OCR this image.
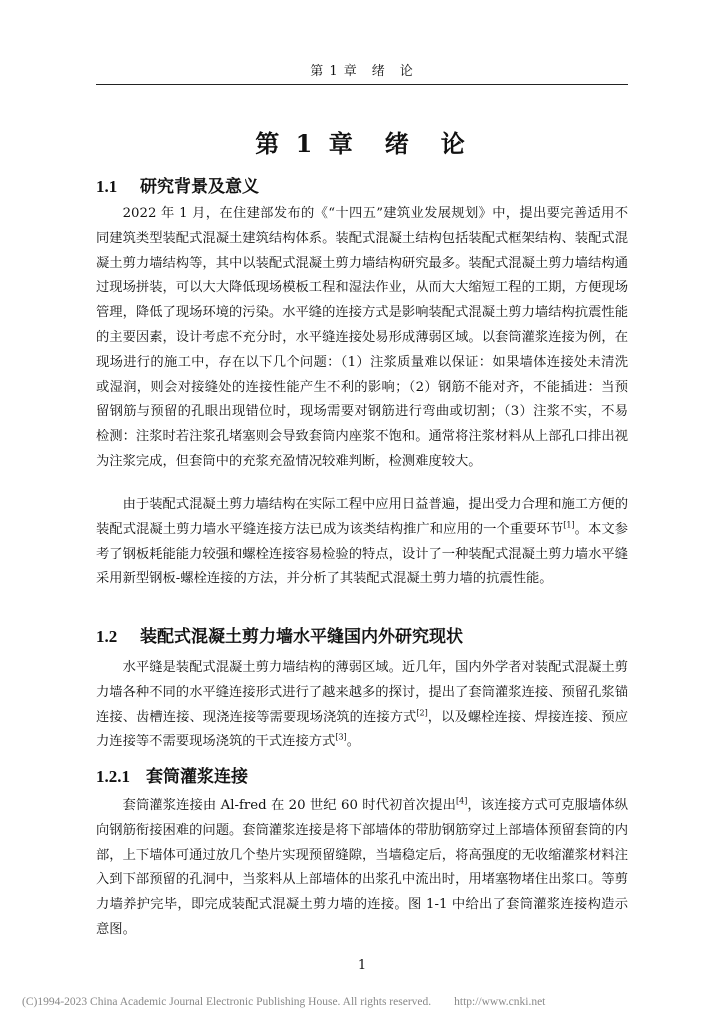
第 1 章　绪　论
第 1 章　绪　论
1.1 研究背景及意义

2022 年 1 月，在住建部发布的《“十四五”建筑业发展规划》中，提出要完善适用不同建筑类型装配式混凝土建筑结构体系。装配式混凝土结构包括装配式框架结构、装配式混凝土剪力墙结构等，其中以装配式混凝土剪力墙结构研究最多。装配式混凝土剪力墙结构通过现场拼装，可以大大降低现场模板工程和湿法作业，从而大大缩短工程的工期，方便现场管理，降低了现场环境的污染。水平缝的连接方式是影响装配式混凝土剪力墙结构抗震性能的主要因素，设计考虑不充分时，水平缝连接处易形成薄弱区域。以套筒灌浆连接为例，在现场进行的施工中，存在以下几个问题：（1）注浆质量难以保证：如果墙体连接处未清洗或湿润，则会对接缝处的连接性能产生不利的影响；（2）钢筋不能对齐，不能插进：当预留钢筋与预留的孔眼出现错位时，现场需要对钢筋进行弯曲或切割；（3）注浆不实，不易检测：注浆时若注浆孔堵塞则会导致套筒内座浆不饱和。通常将注浆材料从上部孔口排出视为注浆完成，但套筒中的充浆充盈情况较难判断，检测难度较大。

由于装配式混凝土剪力墙结构在实际工程中应用日益普遍，提出受力合理和施工方便的装配式混凝土剪力墙水平缝连接方法已成为该类结构推广和应用的一个重要环节[1]。本文参考了钢板耗能能力较强和螺栓连接容易检验的特点，设计了一种装配式混凝土剪力墙水平缝采用新型钢板-螺栓连接的方法，并分析了其装配式混凝土剪力墙的抗震性能。

1.2 装配式混凝土剪力墙水平缝国内外研究现状

水平缝是装配式混凝土剪力墙结构的薄弱区域。近几年，国内外学者对装配式混凝土剪力墙各种不同的水平缝连接形式进行了越来越多的探讨，提出了套筒灌浆连接、预留孔浆锚连接、齿槽连接、现浇连接等需要现场浇筑的连接方式[2]，以及螺栓连接、焊接连接、预应力连接等不需要现场浇筑的干式连接方式[3]。

1.2.1 套筒灌浆连接

套筒灌浆连接由 Al-fred 在 20 世纪 60 时代初首次提出[4]，该连接方式可克服墙体纵向钢筋衔接困难的问题。套筒灌浆连接是将下部墙体的带肋钢筋穿过上部墙体预留套筒的内部，上下墙体可通过放几个垫片实现预留缝隙，当墙稳定后，将高强度的无收缩灌浆材料注入到下部预留的孔洞中，当浆料从上部墙体的出浆孔中流出时，用堵塞物堵住出浆口。等剪力墙养护完毕，即完成装配式混凝土剪力墙的连接。图 1-1 中给出了套筒灌浆连接构造示意图。

1
(C)1994-2023 China Academic Journal Electronic Publishing House. All rights reserved.　　http://www.cnki.net
